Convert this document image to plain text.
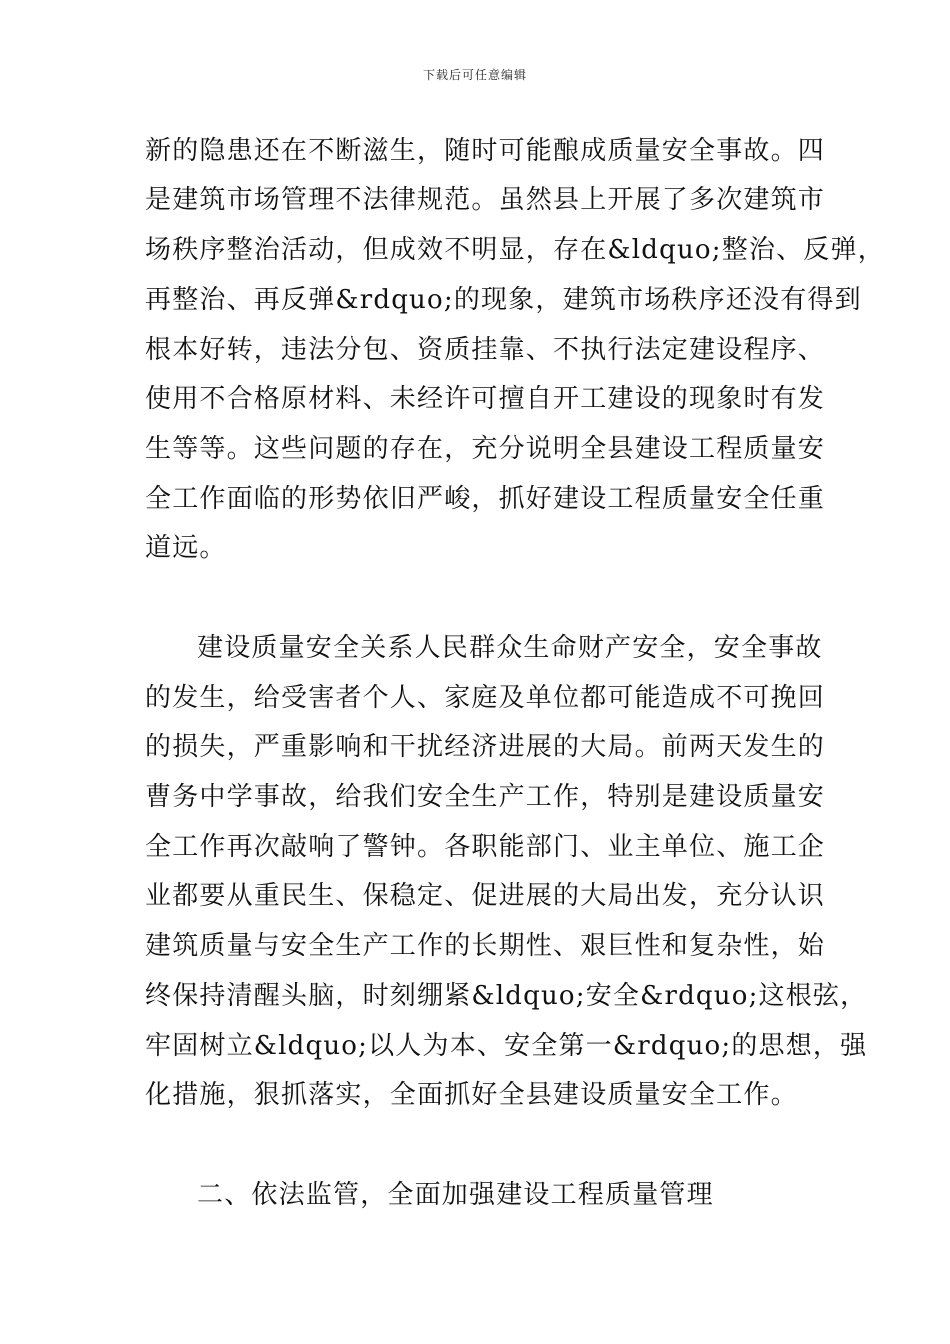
下载后可任意编辑
新的隐患还在不断滋生，随时可能酿成质量安全事故。四
是建筑市场管理不法律规范。虽然县上开展了多次建筑市
场秩序整治活动，但成效不明显，存在&ldquo;整治、反弹，
再整治、再反弹&rdquo;的现象，建筑市场秩序还没有得到
根本好转，违法分包、资质挂靠、不执行法定建设程序、
使用不合格原材料、未经许可擅自开工建设的现象时有发
生等等。这些问题的存在，充分说明全县建设工程质量安
全工作面临的形势依旧严峻，抓好建设工程质量安全任重
道远。
建设质量安全关系人民群众生命财产安全，安全事故
的发生，给受害者个人、家庭及单位都可能造成不可挽回
的损失，严重影响和干扰经济进展的大局。前两天发生的
曹务中学事故，给我们安全生产工作，特别是建设质量安
全工作再次敲响了警钟。各职能部门、业主单位、施工企
业都要从重民生、保稳定、促进展的大局出发，充分认识
建筑质量与安全生产工作的长期性、艰巨性和复杂性，始
终保持清醒头脑，时刻绷紧&ldquo;安全&rdquo;这根弦，
牢固树立&ldquo;以人为本、安全第一&rdquo;的思想，强
化措施，狠抓落实，全面抓好全县建设质量安全工作。
二、依法监管，全面加强建设工程质量管理
